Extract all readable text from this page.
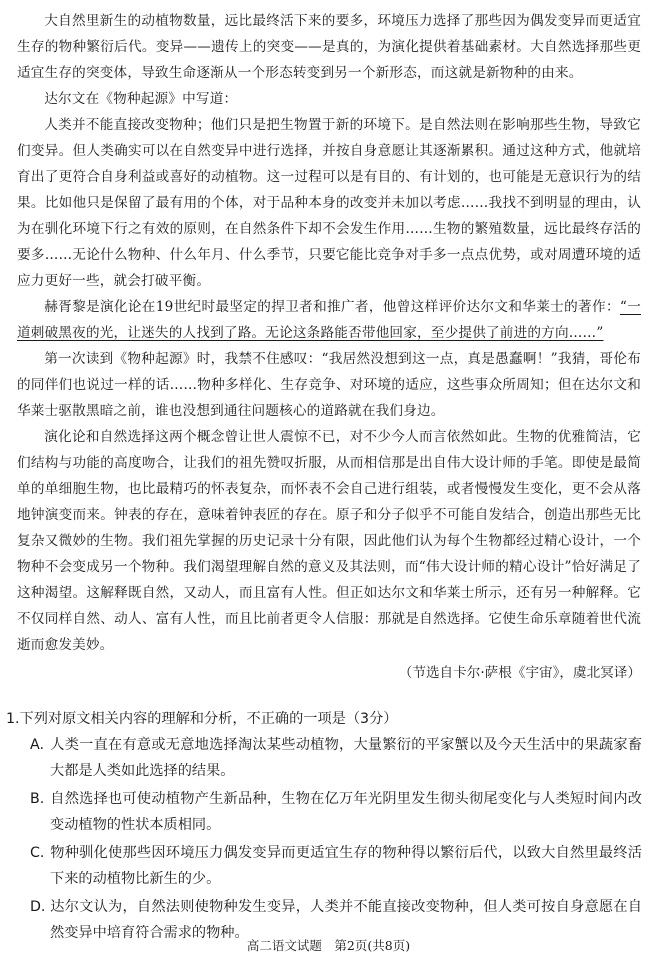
大自然里新生的动植物数量，远比最终活下来的要多，环境压力选择了那些因为偶发变异而更适宜生存的物种繁衍后代。变异——遗传上的突变——是真的，为演化提供着基础素材。大自然选择那些更适宜生存的突变体，导致生命逐渐从一个形态转变到另一个新形态，而这就是新物种的由来。

达尔文在《物种起源》中写道：

人类并不能直接改变物种；他们只是把生物置于新的环境下。是自然法则在影响那些生物，导致它们变异。但人类确实可以在自然变异中进行选择，并按自身意愿让其逐渐累积。通过这种方式，他就培育出了更符合自身利益或喜好的动植物。这一过程可以是有目的、有计划的，也可能是无意识行为的结果。比如他只是保留了最有用的个体，对于品种本身的改变并未加以考虑……我找不到明显的理由，认为在驯化环境下行之有效的原则，在自然条件下却不会发生作用……生物的繁殖数量，远比最终存活的要多……无论什么物种、什么年月、什么季节，只要它能比竞争对手多一点点优势，或对周遭环境的适应力更好一些，就会打破平衡。

赫胥黎是演化论在19世纪时最坚定的捍卫者和推广者，他曾这样评价达尔文和华莱士的著作：“一道刺破黑夜的光，让迷失的人找到了路。无论这条路能否带他回家，至少提供了前进的方向……”

第一次读到《物种起源》时，我禁不住感叹：“我居然没想到这一点，真是愚蠢啊！”我猜，哥伦布的同伴们也说过一样的话……物种多样化、生存竞争、对环境的适应，这些事众所周知；但在达尔文和华莱士驱散黑暗之前，谁也没想到通往问题核心的道路就在我们身边。

演化论和自然选择这两个概念曾让世人震惊不已，对不少今人而言依然如此。生物的优雅简洁，它们结构与功能的高度吻合，让我们的祖先赞叹折服，从而相信那是出自伟大设计师的手笔。即使是最简单的单细胞生物，也比最精巧的怀表复杂，而怀表不会自己进行组装，或者慢慢发生变化，更不会从落地钟演变而来。钟表的存在，意味着钟表匠的存在。原子和分子似乎不可能自发结合，创造出那些无比复杂又微妙的生物。我们祖先掌握的历史记录十分有限，因此他们认为每个生物都经过精心设计，一个物种不会变成另一个物种。我们渴望理解自然的意义及其法则，而“伟大设计师的精心设计”恰好满足了这种渴望。这解释既自然，又动人，而且富有人性。但正如达尔文和华莱士所示，还有另一种解释。它不仅同样自然、动人、富有人性，而且比前者更令人信服：那就是自然选择。它使生命乐章随着世代流逝而愈发美妙。

（节选自卡尔·萨根《宇宙》，虞北冥译）

1.下列对原文相关内容的理解和分析，不正确的一项是（3分）

A. 人类一直在有意或无意地选择淘汰某些动植物，大量繁衍的平家蟹以及今天生活中的果蔬家畜大都是人类如此选择的结果。

B. 自然选择也可使动植物产生新品种，生物在亿万年光阴里发生彻头彻尾变化与人类短时间内改变动植物的性状本质相同。

C. 物种驯化使那些因环境压力偶发变异而更适宜生存的物种得以繁衍后代，以致大自然里最终活下来的动植物比新生的少。

D. 达尔文认为，自然法则使物种发生变异，人类并不能直接改变物种，但人类可按自身意愿在自然变异中培育符合需求的物种。

高二语文试题　第2页(共8页)
